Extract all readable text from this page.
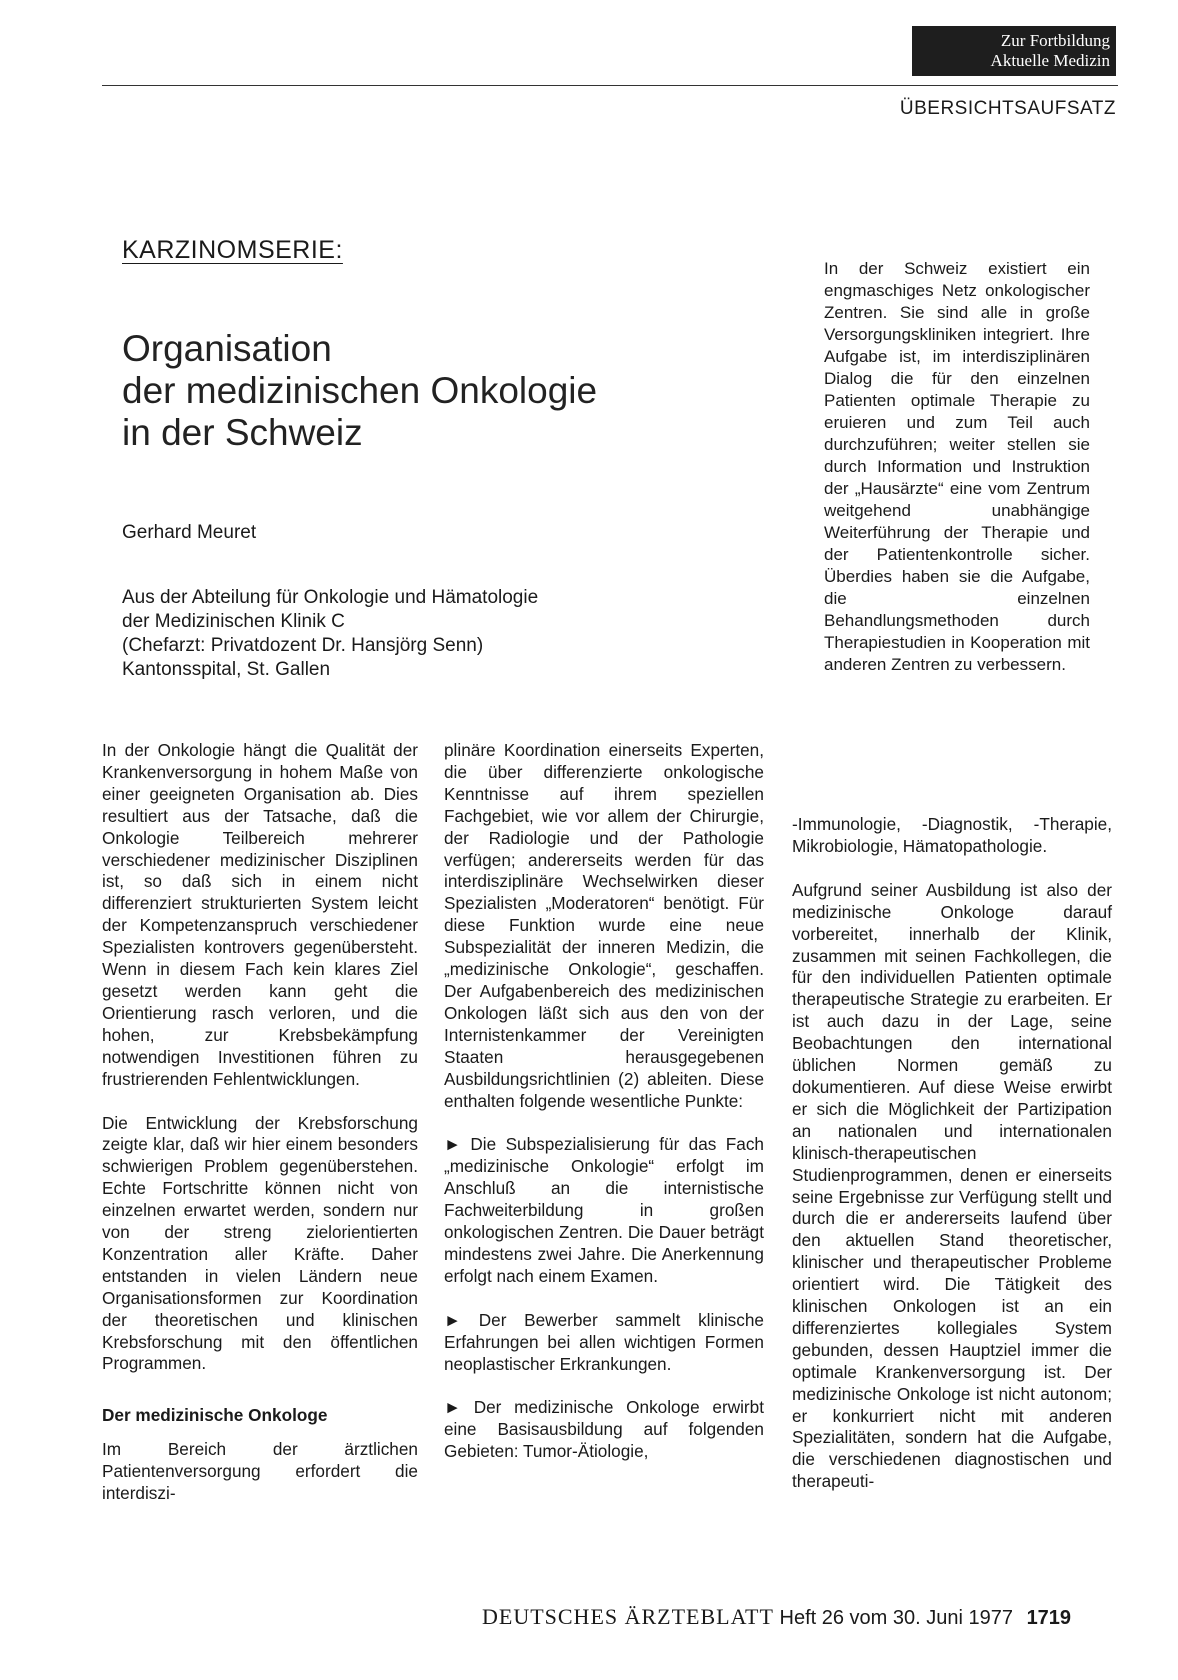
Zur Fortbildung
Aktuelle Medizin
ÜBERSICHTSAUFSATZ
KARZINOMSERIE:
Organisation
der medizinischen Onkologie
in der Schweiz
Gerhard Meuret
Aus der Abteilung für Onkologie und Hämatologie
der Medizinischen Klinik C
(Chefarzt: Privatdozent Dr. Hansjörg Senn)
Kantonsspital, St. Gallen
In der Schweiz existiert ein engmaschiges Netz onkologischer Zentren. Sie sind alle in große Versorgungskliniken integriert. Ihre Aufgabe ist, im interdisziplinären Dialog die für den einzelnen Patienten optimale Therapie zu eruieren und zum Teil auch durchzuführen; weiter stellen sie durch Information und Instruktion der „Hausärzte“ eine vom Zentrum weitgehend unabhängige Weiterführung der Therapie und der Patientenkontrolle sicher. Überdies haben sie die Aufgabe, die einzelnen Behandlungsmethoden durch Therapiestudien in Kooperation mit anderen Zentren zu verbessern.

In der Onkologie hängt die Qualität der Krankenversorgung in hohem Maße von einer geeigneten Organisation ab. Dies resultiert aus der Tatsache, daß die Onkologie Teilbereich mehrerer verschiedener medizinischer Disziplinen ist, so daß sich in einem nicht differenziert strukturierten System leicht der Kompetenzanspruch verschiedener Spezialisten kontrovers gegenübersteht. Wenn in diesem Fach kein klares Ziel gesetzt werden kann geht die Orientierung rasch verloren, und die hohen, zur Krebsbekämpfung notwendigen Investitionen führen zu frustrierenden Fehlentwicklungen.

Die Entwicklung der Krebsforschung zeigte klar, daß wir hier einem besonders schwierigen Problem gegenüberstehen. Echte Fortschritte können nicht von einzelnen erwartet werden, sondern nur von der streng zielorientierten Konzentration aller Kräfte. Daher entstanden in vielen Ländern neue Organisationsformen zur Koordination der theoretischen und klinischen Krebsforschung mit den öffentlichen Programmen.

Der medizinische Onkologe

Im Bereich der ärztlichen Patientenversorgung erfordert die interdiszi-

plinäre Koordination einerseits Experten, die über differenzierte onkologische Kenntnisse auf ihrem speziellen Fachgebiet, wie vor allem der Chirurgie, der Radiologie und der Pathologie verfügen; andererseits werden für das interdisziplinäre Wechselwirken dieser Spezialisten „Moderatoren“ benötigt. Für diese Funktion wurde eine neue Subspezialität der inneren Medizin, die „medizinische Onkologie“, geschaffen. Der Aufgabenbereich des medizinischen Onkologen läßt sich aus den von der Internistenkammer der Vereinigten Staaten herausgegebenen Ausbildungsrichtlinien (2) ableiten. Diese enthalten folgende wesentliche Punkte:

► Die Subspezialisierung für das Fach „medizinische Onkologie“ erfolgt im Anschluß an die internistische Fachweiterbildung in großen onkologischen Zentren. Die Dauer beträgt mindestens zwei Jahre. Die Anerkennung erfolgt nach einem Examen.

► Der Bewerber sammelt klinische Erfahrungen bei allen wichtigen Formen neoplastischer Erkrankungen.

► Der medizinische Onkologe erwirbt eine Basisausbildung auf folgenden Gebieten: Tumor-Ätiologie,

-Immunologie, -Diagnostik, -Therapie, Mikrobiologie, Hämatopathologie.

Aufgrund seiner Ausbildung ist also der medizinische Onkologe darauf vorbereitet, innerhalb der Klinik, zusammen mit seinen Fachkollegen, die für den individuellen Patienten optimale therapeutische Strategie zu erarbeiten. Er ist auch dazu in der Lage, seine Beobachtungen den international üblichen Normen gemäß zu dokumentieren. Auf diese Weise erwirbt er sich die Möglichkeit der Partizipation an nationalen und internationalen klinisch-therapeutischen Studienprogrammen, denen er einerseits seine Ergebnisse zur Verfügung stellt und durch die er andererseits laufend über den aktuellen Stand theoretischer, klinischer und therapeutischer Probleme orientiert wird. Die Tätigkeit des klinischen Onkologen ist an ein differenziertes kollegiales System gebunden, dessen Hauptziel immer die optimale Krankenversorgung ist. Der medizinische Onkologe ist nicht autonom; er konkurriert nicht mit anderen Spezialitäten, sondern hat die Aufgabe, die verschiedenen diagnostischen und therapeuti-

DEUTSCHES ÄRZTEBLATT Heft 26 vom 30. Juni 1977 1719
